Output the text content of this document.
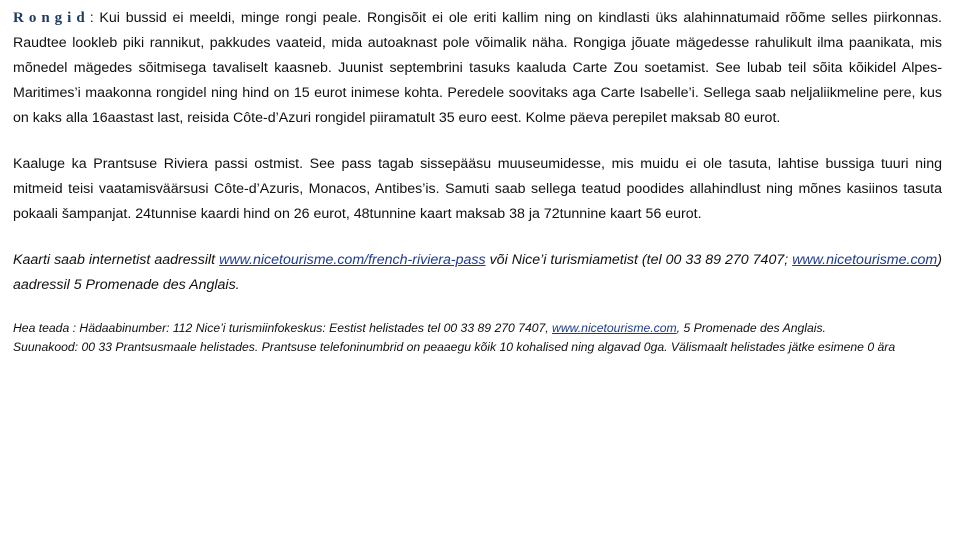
Rongid: Kui bussid ei meeldi, minge rongi peale. Rongisõit ei ole eriti kallim ning on kindlasti üks alahinnatumaid rõõme selles piirkonnas. Raudtee lookleb piki rannikut, pakkudes vaateid, mida autoaknast pole võimalik näha. Rongiga jõuate mägedesse rahulikult ilma paanikata, mis mõnedel mägedes sõitmisega tavaliselt kaasneb. Juunist septembrini tasuks kaaluda Carte Zou soetamist. See lubab teil sõita kõikidel Alpes-Maritimes’i maakonna rongidel ning hind on 15 eurot inimese kohta. Peredele soovitaks aga Carte Isabelle’i. Sellega saab neljaliikmeline pere, kus on kaks alla 16aastast last, reisida Côte-d’Azuri rongidel piiramatult 35 euro eest. Kolme päeva perepilet maksab 80 eurot.

Kaaluge ka Prantsuse Riviera passi ostmist. See pass tagab sissepääsu muuseumidesse, mis muidu ei ole tasuta, lahtise bussiga tuuri ning mitmeid teisi vaatamisväärsusi Côte-d’Azuris, Monacos, Antibes’is. Samuti saab sellega teatud poodides allahindlust ning mõnes kasiinos tasuta pokaali šampanjat. 24tunnise kaardi hind on 26 eurot, 48tunnine kaart maksab 38 ja 72tunnine kaart 56 eurot.

Kaarti saab internetist aadressilt www.nicetourisme.com/french-riviera-pass või Nice’i turismiametist (tel 00 33 89 270 7407; www.nicetourisme.com) aadressil 5 Promenade des Anglais.

Hea teada : Hädaabinumber: 112 Nice’i turismiinfokeskus: Eestist helistades tel 00 33 89 270 7407, www.nicetourisme.com, 5 Promenade des Anglais.

Suunakood: 00 33 Prantsusmaale helistades. Prantsuse telefoninumbrid on peaaegu kõik 10 kohalised ning algavad 0ga. Välismaalt helistades jätke esimene 0 ära
